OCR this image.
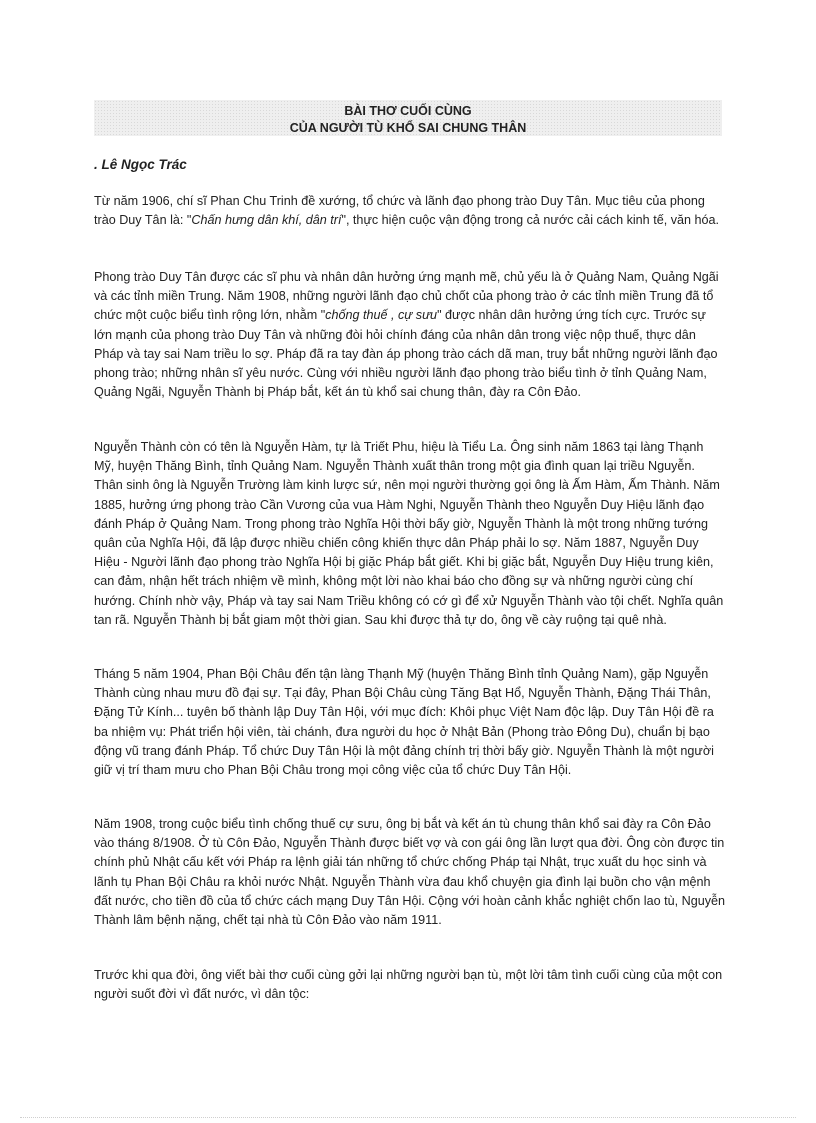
BÀI THƠ CUỐI CÙNG
CỦA NGƯỜI TÙ KHỔ SAI CHUNG THÂN
. Lê Ngọc Trác
Từ năm 1906, chí sĩ Phan Chu Trinh đề xướng, tổ chức và lãnh đạo phong trào Duy Tân. Mục tiêu của phong trào Duy Tân là: "Chấn hưng dân khí, dân trí", thực hiện cuộc vận động trong cả nước cải cách kinh tế, văn hóa.
Phong trào Duy Tân được các sĩ phu và nhân dân hưởng ứng mạnh mẽ, chủ yếu là ở Quảng Nam, Quảng Ngãi và các tỉnh miền Trung. Năm 1908, những người lãnh đạo chủ chốt của phong trào ở các tỉnh miền Trung đã tổ chức một cuộc biểu tình rộng lớn, nhằm "chống thuế , cự sưu" được nhân dân hưởng ứng tích cực. Trước sự lớn mạnh của phong trào Duy Tân và những đòi hỏi chính đáng của nhân dân trong việc nộp thuế, thực dân Pháp và tay sai Nam triều lo sợ. Pháp đã ra tay đàn áp phong trào cách dã man, truy bắt những người lãnh đạo phong trào; những nhân sĩ yêu nước. Cùng với nhiều người lãnh đạo phong trào biểu tình ở tỉnh Quảng Nam, Quảng Ngãi, Nguyễn Thành bị Pháp bắt, kết án tù khổ sai chung thân, đày ra Côn Đảo.
Nguyễn Thành còn có tên là Nguyễn Hàm, tự là Triết Phu, hiệu là Tiểu La. Ông sinh năm 1863 tại làng Thạnh Mỹ, huyện Thăng Bình, tỉnh Quảng Nam. Nguyễn Thành xuất thân trong một gia đình quan lại triều Nguyễn. Thân sinh ông là Nguyễn Trường làm kinh lược sứ, nên mọi người thường gọi ông là Ấm Hàm, Ấm Thành. Năm 1885, hưởng ứng phong trào Cần Vương của vua Hàm Nghi, Nguyễn Thành theo Nguyễn Duy Hiệu lãnh đạo đánh Pháp ở Quảng Nam. Trong phong trào Nghĩa Hội thời bấy giờ, Nguyễn Thành là một trong những tướng quân của Nghĩa Hội, đã lập được nhiều chiến công khiến thực dân Pháp phải lo sợ. Năm 1887, Nguyễn Duy Hiệu - Người lãnh đạo phong trào Nghĩa Hội bị giặc Pháp bắt giết. Khi bị giặc bắt, Nguyễn Duy Hiệu trung kiên, can đảm, nhận hết trách nhiệm về mình, không một lời nào khai báo cho đồng sự và những người cùng chí hướng. Chính nhờ vậy, Pháp và tay sai Nam Triều không có cớ gì để xử Nguyễn Thành vào tội chết. Nghĩa quân tan rã. Nguyễn Thành bị bắt giam một thời gian. Sau khi được thả tự do, ông về cày ruộng tại quê nhà.
Tháng 5 năm 1904, Phan Bội Châu đến tận làng Thạnh Mỹ (huyện Thăng Bình tỉnh Quảng Nam), gặp Nguyễn Thành cùng nhau mưu đồ đại sự. Tại đây, Phan Bội Châu cùng Tăng Bạt Hổ, Nguyễn Thành, Đặng Thái Thân, Đặng Tử Kính... tuyên bố thành lập Duy Tân Hội, với mục đích: Khôi phục Việt Nam độc lập. Duy Tân Hội đề ra ba nhiệm vụ: Phát triển hội viên, tài chánh, đưa người du học ở Nhật Bản (Phong trào Đông Du), chuẩn bị bạo động vũ trang đánh Pháp. Tổ chức Duy Tân Hội là một đảng chính trị thời bấy giờ. Nguyễn Thành là một người giữ vị trí tham mưu cho Phan Bội Châu trong mọi công việc của tổ chức Duy Tân Hội.
Năm 1908, trong cuộc biểu tình chống thuế cự sưu, ông bị bắt và kết án tù chung thân khổ sai đày ra Côn Đảo vào tháng 8/1908. Ở tù Côn Đảo, Nguyễn Thành được biết vợ và con gái ông lần lượt qua đời. Ông còn được tin chính phủ Nhật cấu kết với Pháp ra lệnh giải tán những tổ chức chống Pháp tại Nhật, trục xuất du học sinh và lãnh tụ Phan Bội Châu ra khỏi nước Nhật. Nguyễn Thành vừa đau khổ chuyện gia đình lại buồn cho vận mệnh đất nước, cho tiền đồ của tổ chức cách mạng Duy Tân Hội. Cộng với hoàn cảnh khắc nghiệt chốn lao tù, Nguyễn Thành lâm bệnh nặng, chết tại nhà tù Côn Đảo vào năm 1911.
Trước khi qua đời, ông viết bài thơ cuối cùng gởi lại những người bạn tù, một lời tâm tình cuối cùng của một con người suốt đời vì đất nước, vì dân tộc:
